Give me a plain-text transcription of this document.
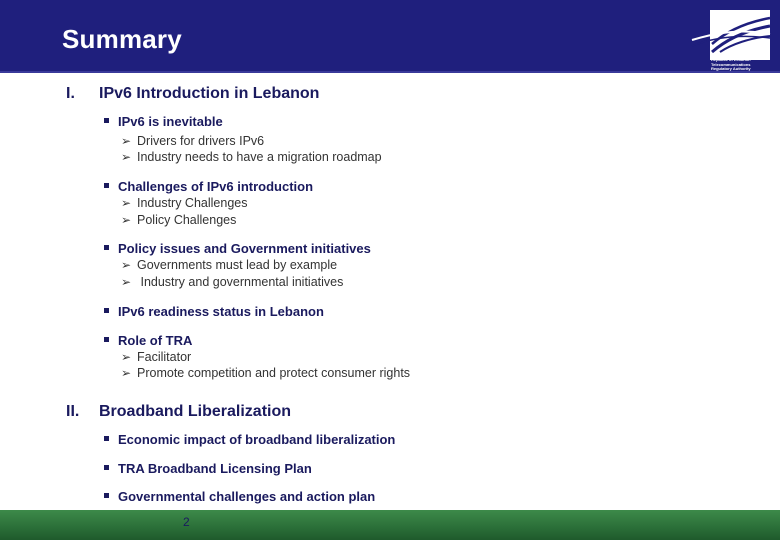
Summary
Republic of Lebanon
Telecommunications
Regulatory Authority
I. IPv6 Introduction in Lebanon
IPv6 is inevitable
➢ Drivers for drivers IPv6
➢ Industry needs to have a migration roadmap
Challenges of IPv6 introduction
➢ Industry Challenges
➢ Policy Challenges
Policy issues and Government initiatives
➢ Governments must lead by example
➢ Industry and governmental initiatives
IPv6 readiness status in Lebanon
Role of TRA
➢ Facilitator
➢ Promote competition and protect consumer rights
II. Broadband Liberalization
Economic impact of broadband liberalization
TRA Broadband Licensing Plan
Governmental challenges and action plan
2
